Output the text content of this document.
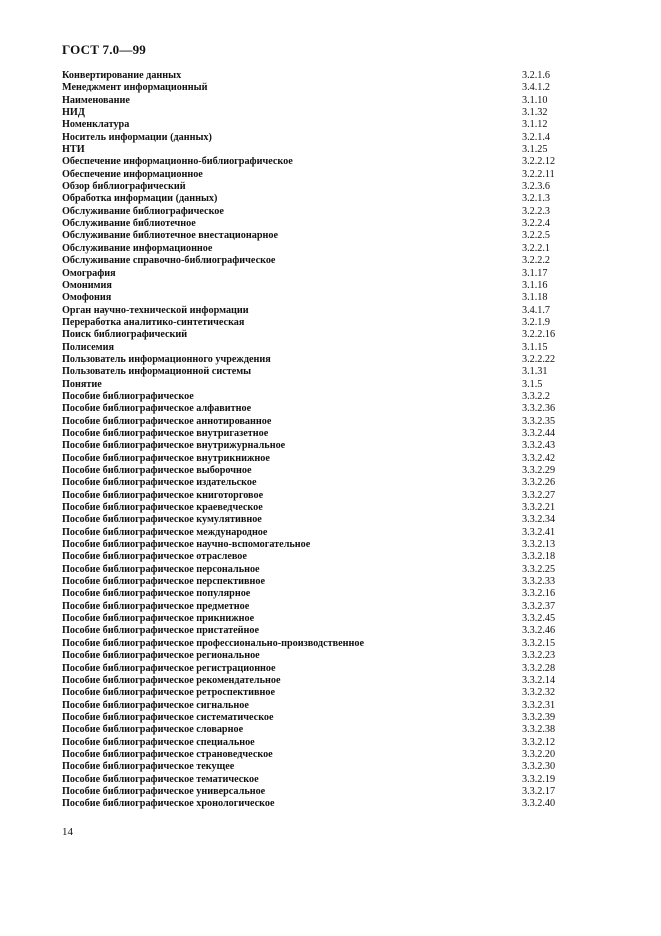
ГОСТ 7.0—99
Конвертирование данных	3.2.1.6
Менеджмент информационный	3.4.1.2
Наименование	3.1.10
НИД	3.1.32
Номенклатура	3.1.12
Носитель информации (данных)	3.2.1.4
НТИ	3.1.25
Обеспечение информационно-библиографическое	3.2.2.12
Обеспечение информационное	3.2.2.11
Обзор библиографический	3.2.3.6
Обработка информации (данных)	3.2.1.3
Обслуживание библиографическое	3.2.2.3
Обслуживание библиотечное	3.2.2.4
Обслуживание библиотечное внестационарное	3.2.2.5
Обслуживание информационное	3.2.2.1
Обслуживание справочно-библиографическое	3.2.2.2
Омография	3.1.17
Омонимия	3.1.16
Омофония	3.1.18
Орган научно-технической информации	3.4.1.7
Переработка аналитико-синтетическая	3.2.1.9
Поиск библиографический	3.2.2.16
Полисемия	3.1.15
Пользователь информационного учреждения	3.2.2.22
Пользователь информационной системы	3.1.31
Понятие	3.1.5
Пособие библиографическое	3.3.2.2
Пособие библиографическое алфавитное	3.3.2.36
Пособие библиографическое аннотированное	3.3.2.35
Пособие библиографическое внутригазетное	3.3.2.44
Пособие библиографическое внутрижурнальное	3.3.2.43
Пособие библиографическое внутрикнижное	3.3.2.42
Пособие библиографическое выборочное	3.3.2.29
Пособие библиографическое издательское	3.3.2.26
Пособие библиографическое книготорговое	3.3.2.27
Пособие библиографическое краеведческое	3.3.2.21
Пособие библиографическое кумулятивное	3.3.2.34
Пособие библиографическое международное	3.3.2.41
Пособие библиографическое научно-вспомогательное	3.3.2.13
Пособие библиографическое отраслевое	3.3.2.18
Пособие библиографическое персональное	3.3.2.25
Пособие библиографическое перспективное	3.3.2.33
Пособие библиографическое популярное	3.3.2.16
Пособие библиографическое предметное	3.3.2.37
Пособие библиографическое прикнижное	3.3.2.45
Пособие библиографическое пристатейное	3.3.2.46
Пособие библиографическое профессионально-производственное	3.3.2.15
Пособие библиографическое региональное	3.3.2.23
Пособие библиографическое регистрационное	3.3.2.28
Пособие библиографическое рекомендательное	3.3.2.14
Пособие библиографическое ретроспективное	3.3.2.32
Пособие библиографическое сигнальное	3.3.2.31
Пособие библиографическое систематическое	3.3.2.39
Пособие библиографическое словарное	3.3.2.38
Пособие библиографическое специальное	3.3.2.12
Пособие библиографическое страноведческое	3.3.2.20
Пособие библиографическое текущее	3.3.2.30
Пособие библиографическое тематическое	3.3.2.19
Пособие библиографическое универсальное	3.3.2.17
Пособие библиографическое хронологическое	3.3.2.40
14
